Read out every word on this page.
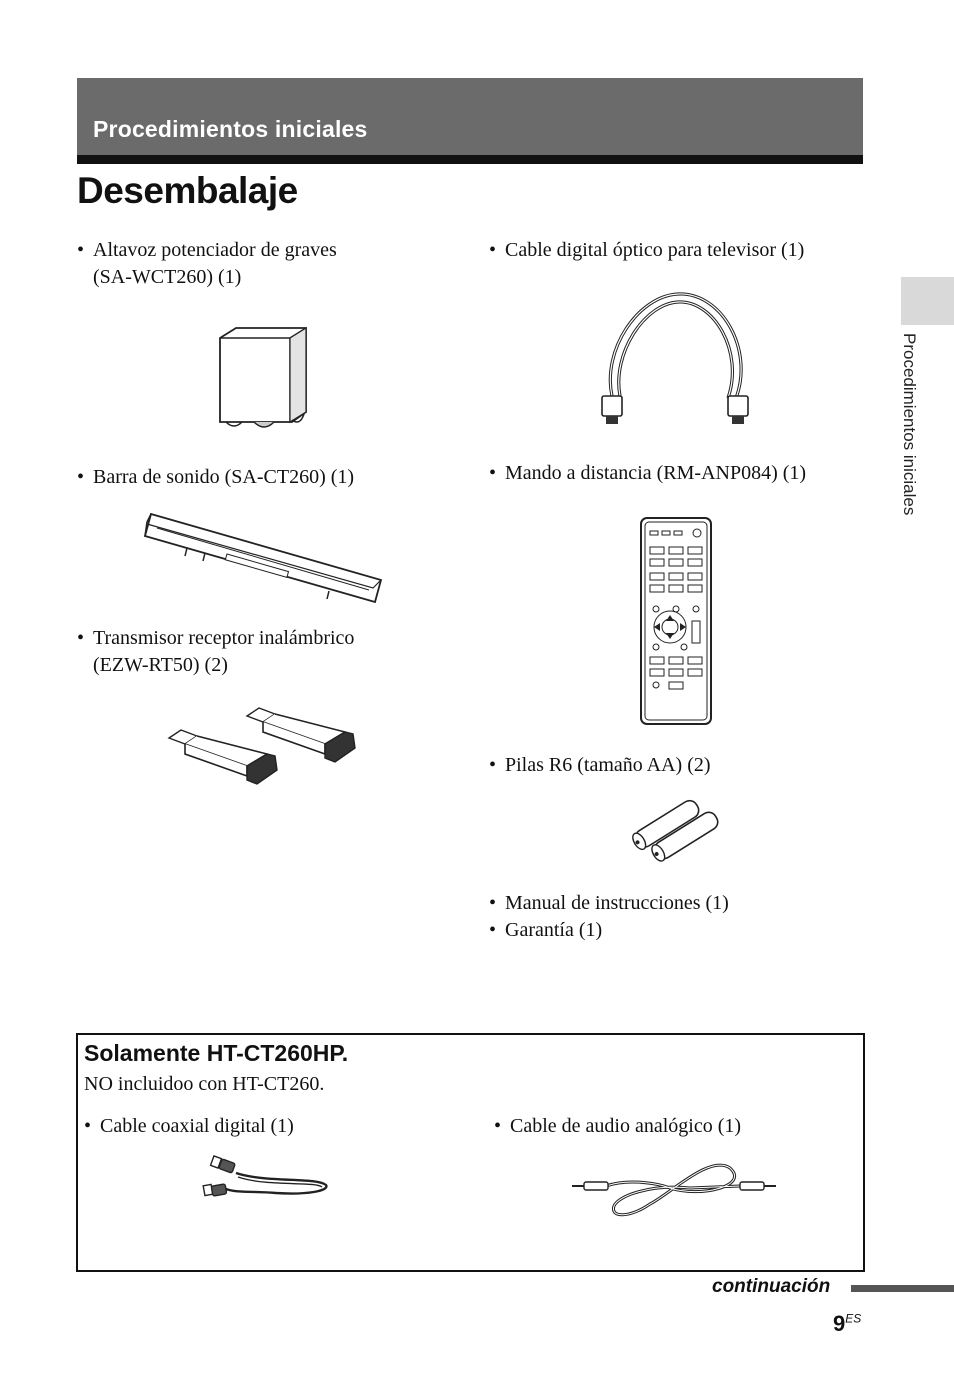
Procedimientos iniciales
Desembalaje
Procedimientos iniciales
• Altavoz potenciador de graves
(SA-WCT260) (1)
• Barra de sonido (SA-CT260) (1)
• Transmisor receptor inalámbrico
(EZW-RT50) (2)
• Cable digital óptico para televisor (1)
• Mando a distancia (RM-ANP084) (1)
• Pilas R6 (tamaño AA) (2)
• Manual de instrucciones (1)
• Garantía (1)
Solamente HT-CT260HP.
NO incluidoo con HT-CT260.
• Cable coaxial digital (1)	• Cable de audio analógico (1)
continuación
$9^{ES}$
